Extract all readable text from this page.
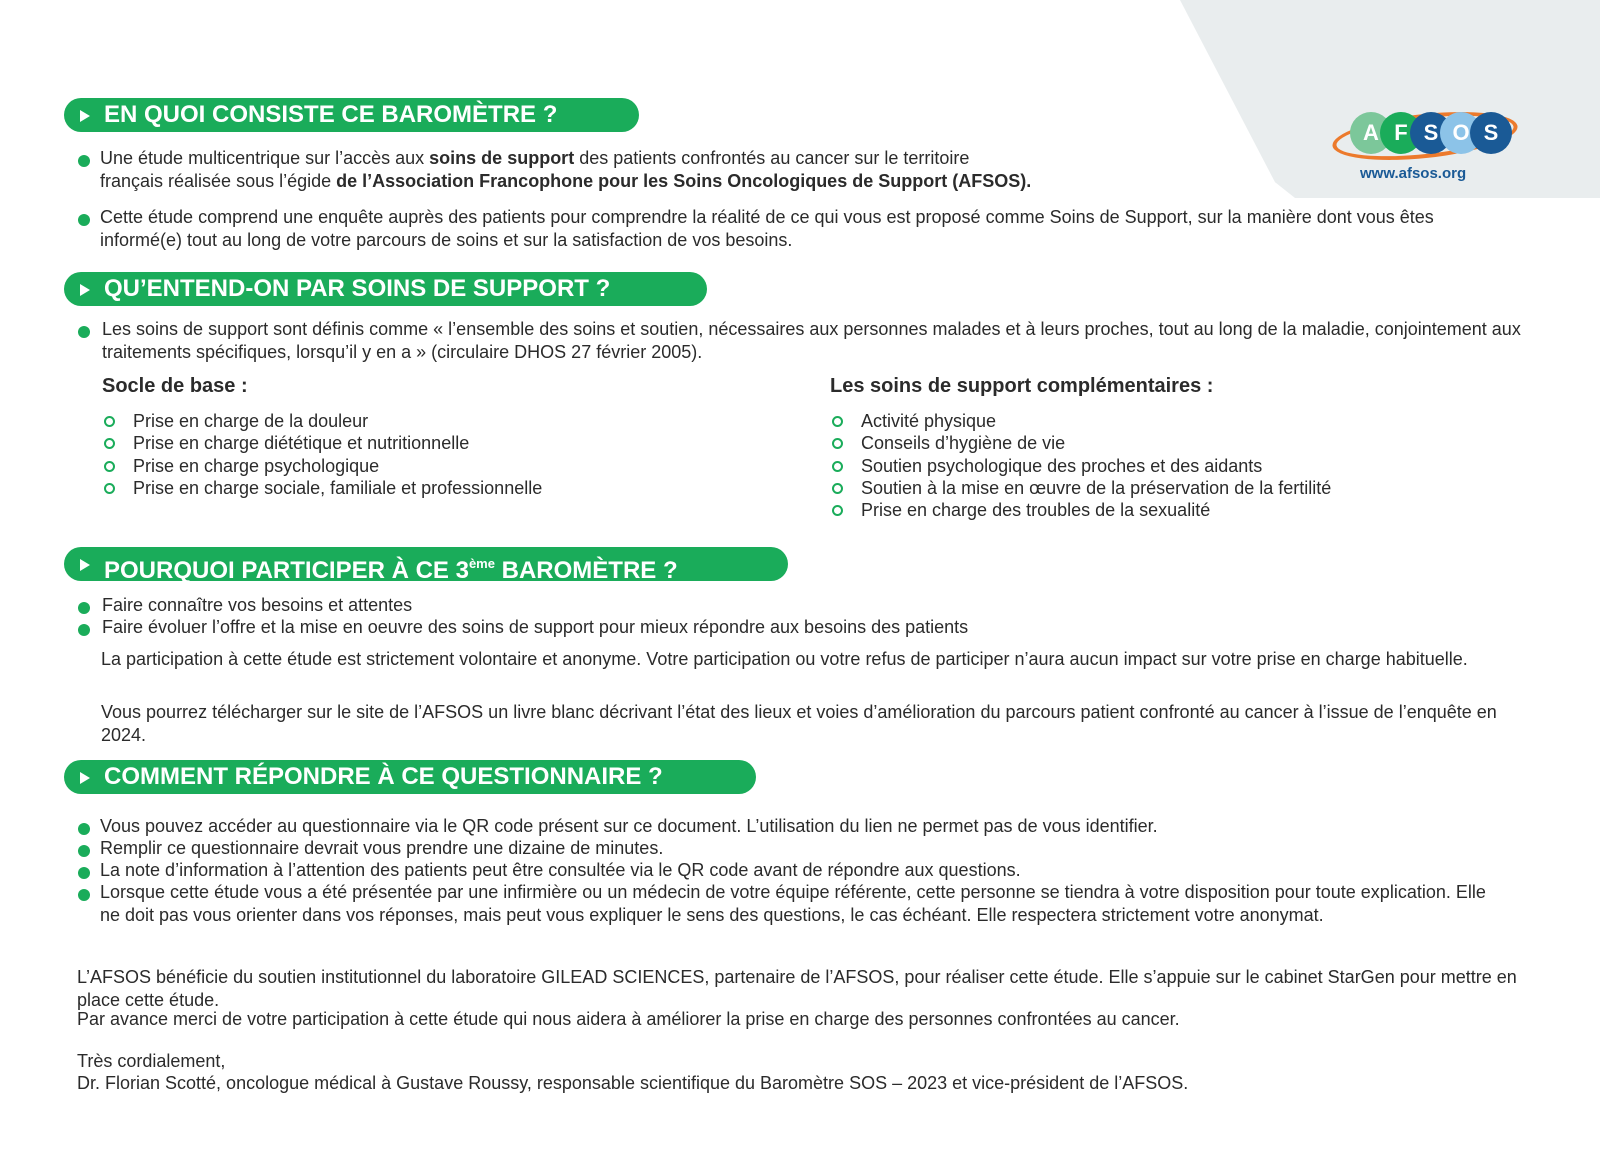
A F S O S
www.afsos.org
EN QUOI CONSISTE CE BAROMÈTRE ?
Une étude multicentrique sur l’accès aux soins de support des patients confrontés au cancer sur le territoire
français réalisée sous l’égide de l’Association Francophone pour les Soins Oncologiques de Support (AFSOS).
Cette étude comprend une enquête auprès des patients pour comprendre la réalité de ce qui vous est proposé comme Soins de Support, sur la manière dont vous êtes informé(e) tout au long de votre parcours de soins et sur la satisfaction de vos besoins.
QU’ENTEND-ON PAR SOINS DE SUPPORT ?
Les soins de support sont définis comme « l’ensemble des soins et soutien, nécessaires aux personnes malades et à leurs proches, tout au long de la maladie, conjointement aux traitements spécifiques, lorsqu’il y en a » (circulaire DHOS 27 février 2005).
Socle de base :	Les soins de support complémentaires :
Prise en charge de la douleur
Prise en charge diététique et nutritionnelle
Prise en charge psychologique
Prise en charge sociale, familiale et professionnelle
Activité physique
Conseils d’hygiène de vie
Soutien psychologique des proches et des aidants
Soutien à la mise en œuvre de la préservation de la fertilité
Prise en charge des troubles de la sexualité
POURQUOI PARTICIPER À CE 3ème BAROMÈTRE ?
Faire connaître vos besoins et attentes
Faire évoluer l’offre et la mise en oeuvre des soins de support pour mieux répondre aux besoins des patients
La participation à cette étude est strictement volontaire et anonyme. Votre participation ou votre refus de participer n’aura aucun impact sur votre prise en charge habituelle.
Vous pourrez télécharger sur le site de l’AFSOS un livre blanc décrivant l’état des lieux et voies d’amélioration du parcours patient confronté au cancer à l’issue de l’enquête en 2024.
COMMENT RÉPONDRE À CE QUESTIONNAIRE ?
Vous pouvez accéder au questionnaire via le QR code présent sur ce document. L’utilisation du lien ne permet pas de vous identifier.
Remplir ce questionnaire devrait vous prendre une dizaine de minutes.
La note d’information à l’attention des patients peut être consultée via le QR code avant de répondre aux questions.
Lorsque cette étude vous a été présentée par une infirmière ou un médecin de votre équipe référente, cette personne se tiendra à votre disposition pour toute explication. Elle ne doit pas vous orienter dans vos réponses, mais peut vous expliquer le sens des questions, le cas échéant. Elle respectera strictement votre anonymat.
L’AFSOS bénéficie du soutien institutionnel du laboratoire GILEAD SCIENCES, partenaire de l’AFSOS, pour réaliser cette étude. Elle s’appuie sur le cabinet StarGen pour mettre en place cette étude.
Par avance merci de votre participation à cette étude qui nous aidera à améliorer la prise en charge des personnes confrontées au cancer.
Très cordialement,
Dr. Florian Scotté, oncologue médical à Gustave Roussy, responsable scientifique du Baromètre SOS – 2023 et vice-président de l’AFSOS.
